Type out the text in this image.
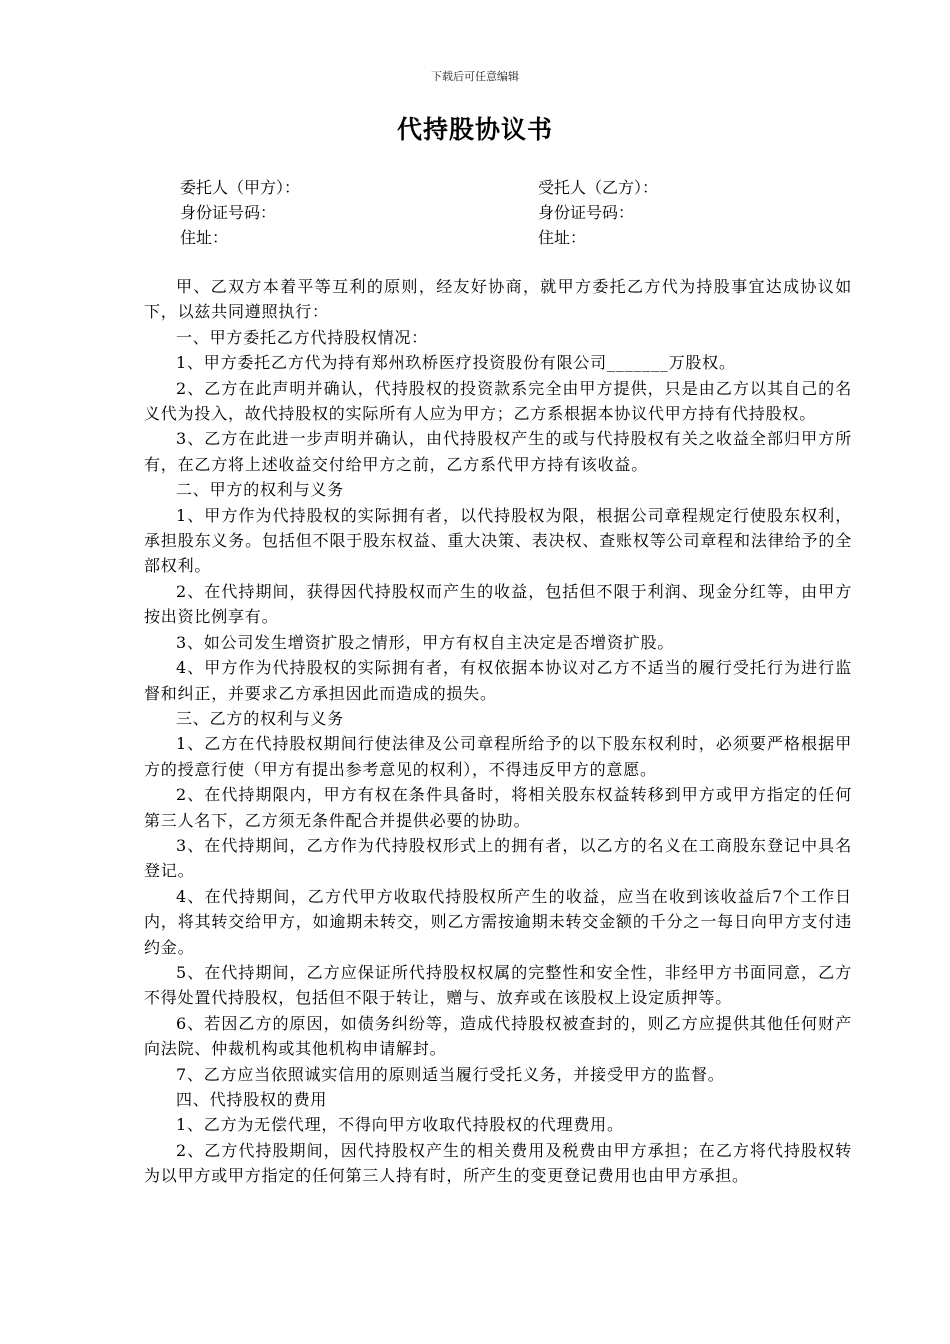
下载后可任意编辑
代持股协议书
委托人（甲方）：	受托人（乙方）：
身份证号码：	身份证号码：
住址：	住址：

甲、乙双方本着平等互利的原则，经友好协商，就甲方委托乙方代为持股事宜达成协议如下，以兹共同遵照执行：

一、甲方委托乙方代持股权情况：

1、甲方委托乙方代为持有郑州玖桥医疗投资股份有限公司_______万股权。

2、乙方在此声明并确认，代持股权的投资款系完全由甲方提供，只是由乙方以其自己的名义代为投入，故代持股权的实际所有人应为甲方；乙方系根据本协议代甲方持有代持股权。

3、乙方在此进一步声明并确认，由代持股权产生的或与代持股权有关之收益全部归甲方所有，在乙方将上述收益交付给甲方之前，乙方系代甲方持有该收益。

二、甲方的权利与义务

1、甲方作为代持股权的实际拥有者，以代持股权为限，根据公司章程规定行使股东权利，承担股东义务。包括但不限于股东权益、重大决策、表决权、查账权等公司章程和法律给予的全部权利。

2、在代持期间，获得因代持股权而产生的收益，包括但不限于利润、现金分红等，由甲方按出资比例享有。

3、如公司发生增资扩股之情形，甲方有权自主决定是否增资扩股。

4、甲方作为代持股权的实际拥有者，有权依据本协议对乙方不适当的履行受托行为进行监督和纠正，并要求乙方承担因此而造成的损失。

三、乙方的权利与义务

1、乙方在代持股权期间行使法律及公司章程所给予的以下股东权利时，必须要严格根据甲方的授意行使（甲方有提出参考意见的权利），不得违反甲方的意愿。

2、在代持期限内，甲方有权在条件具备时，将相关股东权益转移到甲方或甲方指定的任何第三人名下，乙方须无条件配合并提供必要的协助。

3、在代持期间，乙方作为代持股权形式上的拥有者，以乙方的名义在工商股东登记中具名登记。

4、在代持期间，乙方代甲方收取代持股权所产生的收益，应当在收到该收益后7个工作日内，将其转交给甲方，如逾期未转交，则乙方需按逾期未转交金额的千分之一每日向甲方支付违约金。

5、在代持期间，乙方应保证所代持股权权属的完整性和安全性，非经甲方书面同意，乙方不得处置代持股权，包括但不限于转让，赠与、放弃或在该股权上设定质押等。

6、若因乙方的原因，如债务纠纷等，造成代持股权被查封的，则乙方应提供其他任何财产向法院、仲裁机构或其他机构申请解封。

7、乙方应当依照诚实信用的原则适当履行受托义务，并接受甲方的监督。

四、代持股权的费用

1、乙方为无偿代理，不得向甲方收取代持股权的代理费用。

2、乙方代持股期间，因代持股权产生的相关费用及税费由甲方承担；在乙方将代持股权转为以甲方或甲方指定的任何第三人持有时，所产生的变更登记费用也由甲方承担。
